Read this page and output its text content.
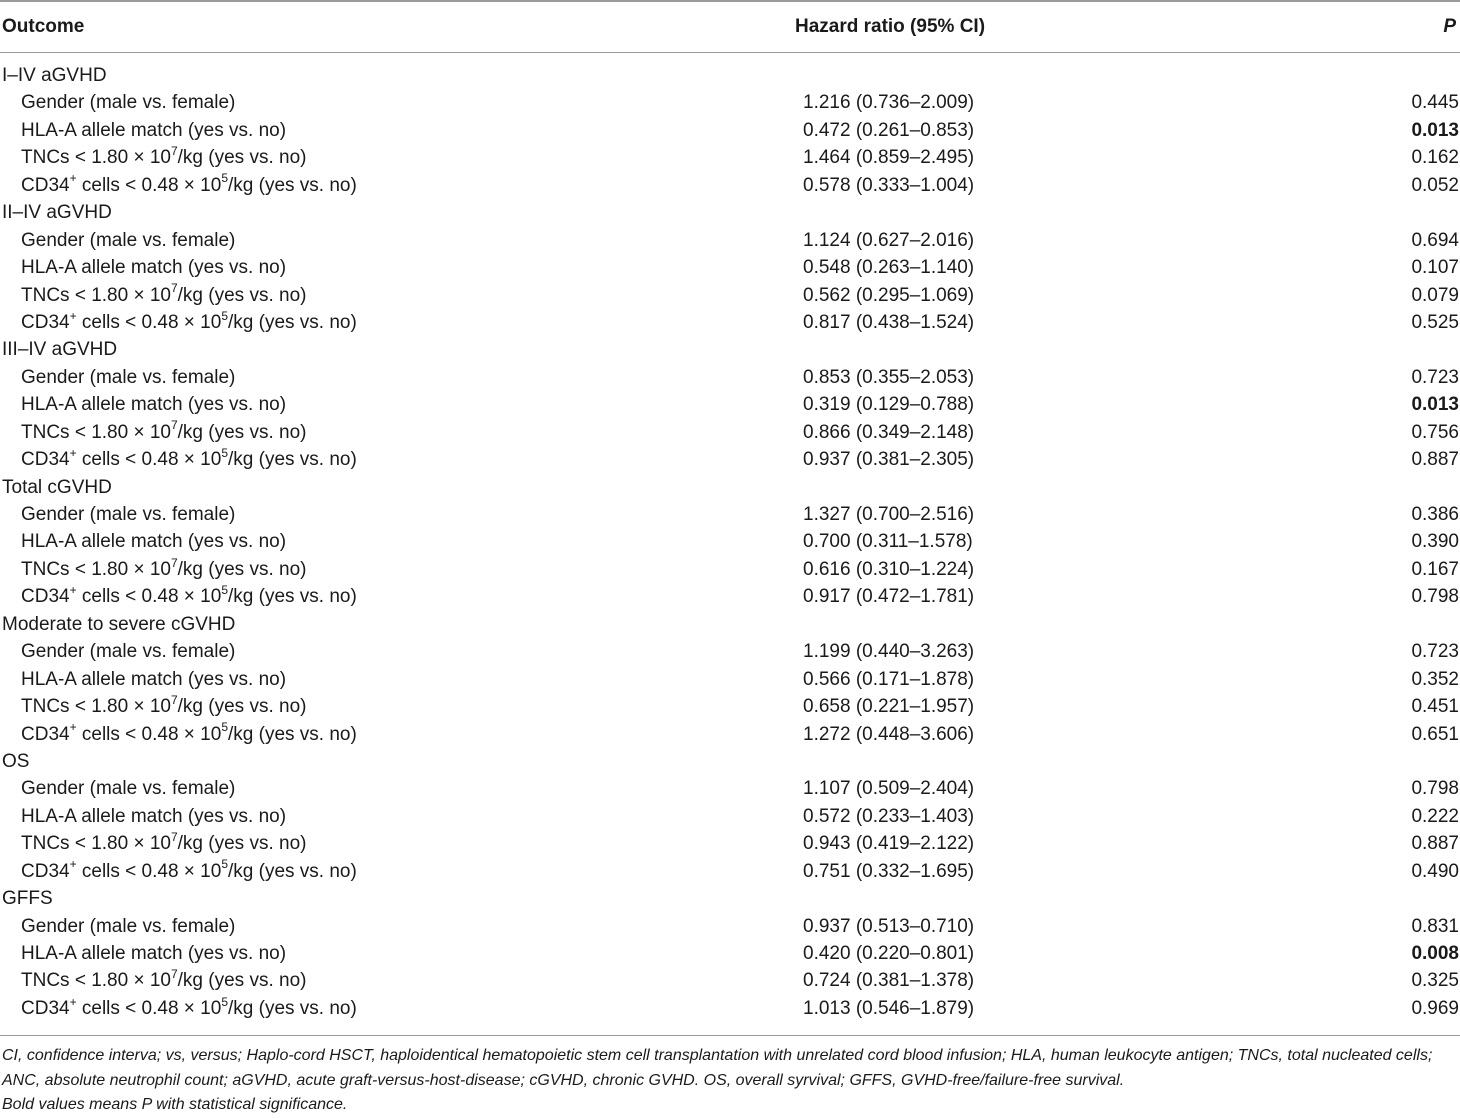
Outcome	Hazard ratio (95% CI)	P
I–IV aGVHD
Gender (male vs. female)	1.216 (0.736–2.009)	0.445
HLA-A allele match (yes vs. no)	0.472 (0.261–0.853)	0.013
TNCs < $1.80 \times 10^7/kg$ (yes vs. no)	1.464 (0.859–2.495)	0.162
CD34+ cells < $0.48 \times 10^5/kg$ (yes vs. no)	0.578 (0.333–1.004)	0.052
II–IV aGVHD
Gender (male vs. female)	1.124 (0.627–2.016)	0.694
HLA-A allele match (yes vs. no)	0.548 (0.263–1.140)	0.107
TNCs < $1.80 \times 10^7/kg$ (yes vs. no)	0.562 (0.295–1.069)	0.079
CD34+ cells < $0.48 \times 10^5/kg$ (yes vs. no)	0.817 (0.438–1.524)	0.525
III–IV aGVHD
Gender (male vs. female)	0.853 (0.355–2.053)	0.723
HLA-A allele match (yes vs. no)	0.319 (0.129–0.788)	0.013
TNCs < $1.80 \times 10^7/kg$ (yes vs. no)	0.866 (0.349–2.148)	0.756
CD34+ cells < $0.48 \times 10^5/kg$ (yes vs. no)	0.937 (0.381–2.305)	0.887
Total cGVHD
Gender (male vs. female)	1.327 (0.700–2.516)	0.386
HLA-A allele match (yes vs. no)	0.700 (0.311–1.578)	0.390
TNCs < $1.80 \times 10^7/kg$ (yes vs. no)	0.616 (0.310–1.224)	0.167
CD34+ cells < $0.48 \times 10^5/kg$ (yes vs. no)	0.917 (0.472–1.781)	0.798
Moderate to severe cGVHD
Gender (male vs. female)	1.199 (0.440–3.263)	0.723
HLA-A allele match (yes vs. no)	0.566 (0.171–1.878)	0.352
TNCs < $1.80 \times 10^7/kg$ (yes vs. no)	0.658 (0.221–1.957)	0.451
CD34+ cells < $0.48 \times 10^5/kg$ (yes vs. no)	1.272 (0.448–3.606)	0.651
OS
Gender (male vs. female)	1.107 (0.509–2.404)	0.798
HLA-A allele match (yes vs. no)	0.572 (0.233–1.403)	0.222
TNCs < $1.80 \times 10^7/kg$ (yes vs. no)	0.943 (0.419–2.122)	0.887
CD34+ cells < $0.48 \times 10^5/kg$ (yes vs. no)	0.751 (0.332–1.695)	0.490
GFFS
Gender (male vs. female)	0.937 (0.513–0.710)	0.831
HLA-A allele match (yes vs. no)	0.420 (0.220–0.801)	0.008
TNCs < $1.80 \times 10^7/kg$ (yes vs. no)	0.724 (0.381–1.378)	0.325
CD34+ cells < $0.48 \times 10^5/kg$ (yes vs. no)	1.013 (0.546–1.879)	0.969

CI, confidence interva; vs, versus; Haplo-cord HSCT, haploidentical hematopoietic stem cell transplantation with unrelated cord blood infusion; HLA, human leukocyte antigen; TNCs, total nucleated cells; ANC, absolute neutrophil count; aGVHD, acute graft-versus-host-disease; cGVHD, chronic GVHD. OS, overall syrvival; GFFS, GVHD-free/failure-free survival.

Bold values means P with statistical significance.
